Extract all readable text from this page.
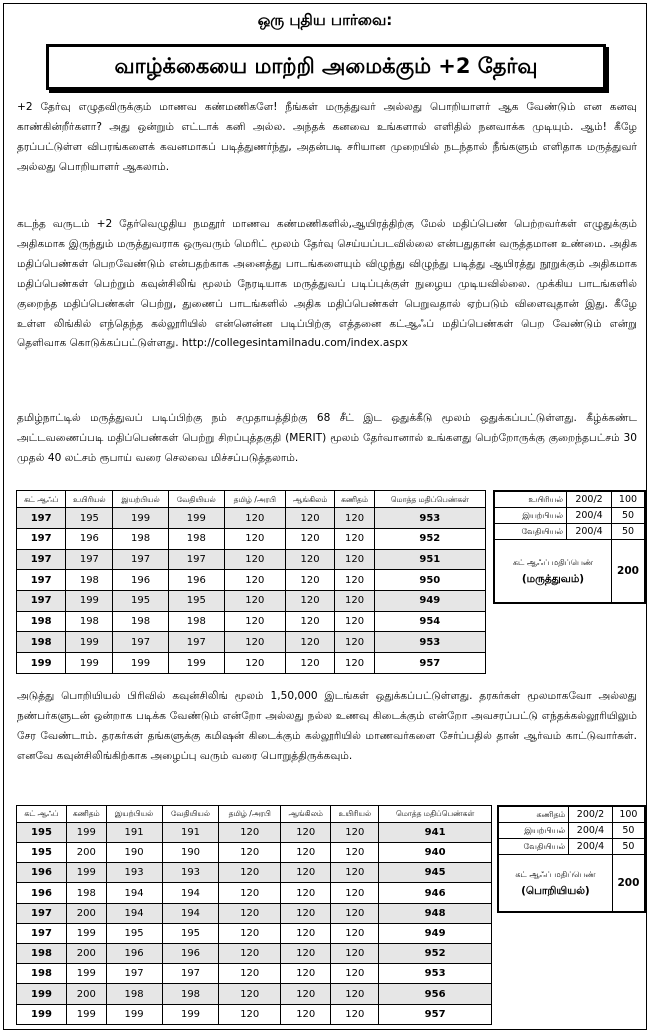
ஒரு புதிய பார்வை:
வாழ்க்கையை மாற்றி அமைக்கும் +2 தேர்வு
+2 தேர்வு எழுதவிருக்கும் மாணவ கண்மணிகளே! நீங்கள் மருத்துவர் அல்லது பொறியாளர் ஆக வேண்டும் என கனவு காண்கின்றீர்களா? அது ஒன்றும் எட்டாக் கனி அல்ல. அந்தக் கனவை உங்களால் எளிதில் நனவாக்க முடியும். ஆம்! கீழே தரப்பட்டுள்ள விபரங்களைக் கவனமாகப் படித்துணர்ந்து, அதன்படி சரியான முறையில் நடந்தால் நீங்களும் எளிதாக மருத்துவர் அல்லது பொறியாளர் ஆகலாம்.
கடந்த வருடம் +2 தேர்வெழுதிய நமதூர் மாணவ கண்மணிகளில்,ஆயிரத்திற்கு மேல் மதிப்பெண் பெற்றவர்கள் எழுதுக்கும் அதிகமாக இருந்தும் மருத்துவராக ஒருவரும் மெரிட் மூலம் தேர்வு செய்யப்படவில்லை என்பதுதான் வருத்தமான உண்மை. அதிக மதிப்பெண்கள் பெறவேண்டும் என்பதற்காக அனைத்து பாடங்களையும் விழுந்து விழுந்து படித்து ஆயிரத்து நூறுக்கும் அதிகமாக மதிப்பெண்கள் பெற்றும் கவுன்சிலிங் மூலம் நேரடியாக மருத்துவப் படிப்புக்குள் நுழைய முடியவில்லை. முக்கிய பாடங்களில் குறைந்த மதிப்பெண்கள் பெற்று, துணைப் பாடங்களில் அதிக மதிப்பெண்கள் பெறுவதால் ஏற்படும் விளைவுதான் இது. கீழே உள்ள லிங்கில் எந்தெந்த கல்லூரியில் என்னென்ன படிப்பிற்கு எத்தனை கட்ஆஃப் மதிப்பெண்கள் பெற வேண்டும் என்று தெளிவாக கொடுக்கப்பட்டுள்ளது. http://collegesintamilnadu.com/index.aspx
தமிழ்நாட்டில் மருத்துவப் படிப்பிற்கு நம் சமுதாயத்திற்கு 68 சீட் இட ஒதுக்கீடு மூலம் ஒதுக்கப்பட்டுள்ளது. கீழ்க்கண்ட அட்டவணைப்படி மதிப்பெண்கள் பெற்று சிறப்புத்தகுதி (MERIT) மூலம் தேர்வானால் உங்களது பெற்றோருக்கு குறைந்தபட்சம் 30 முதல் 40 லட்சம் ரூபாய் வரை செலவை மிச்சப்படுத்தலாம்.
கட் ஆஃப்	உயிரியல்	இயற்பியல்	வேதியியல்	தமிழ் /அரபி	ஆங்கிலம்	கணிதம்	மொத்த மதிப்பெண்கள்
197	195	199	199	120	120	120	953
197	196	198	198	120	120	120	952
197	197	197	197	120	120	120	951
197	198	196	196	120	120	120	950
197	199	195	195	120	120	120	949
198	198	198	198	120	120	120	954
198	199	197	197	120	120	120	953
199	199	199	199	120	120	120	957
உயிரியல்	200/2	100
இயற்பியல்	200/4	50
வேதியியல்	200/4	50
கட் ஆஃப் மதிப்பெண்
(மருத்துவம்)		200
அடுத்து பொறியியல் பிரிவில் கவுன்சிலிங் மூலம் 1,50,000 இடங்கள் ஒதுக்கப்பட்டுள்ளது. தரகர்கள் மூலமாகவோ அல்லது நண்பர்களுடன் ஒன்றாக படிக்க வேண்டும் என்றோ அல்லது நல்ல உணவு கிடைக்கும் என்றோ அவசரப்பட்டு எந்தக்கல்லூரியிலும் சேர வேண்டாம். தரகர்கள் தங்களுக்கு கமிஷன் கிடைக்கும் கல்லூரியில் மாணவர்களை சேர்ப்பதில் தான் ஆர்வம் காட்டுவார்கள். எனவே கவுன்சிலிங்கிற்காக அழைப்பு வரும் வரை பொறுத்திருக்கவும்.
கட் ஆஃப்	கணிதம்	இயற்பியல்	வேதியியல்	தமிழ் /அரபி	ஆங்கிலம்	உயிரியல்	மொத்த மதிப்பெண்கள்
195	199	191	191	120	120	120	941
195	200	190	190	120	120	120	940
196	199	193	193	120	120	120	945
196	198	194	194	120	120	120	946
197	200	194	194	120	120	120	948
197	199	195	195	120	120	120	949
198	200	196	196	120	120	120	952
198	199	197	197	120	120	120	953
199	200	198	198	120	120	120	956
199	199	199	199	120	120	120	957
கணிதம்	200/2	100
இயற்பியல்	200/4	50
வேதியியல்	200/4	50
கட் ஆஃப் மதிப்பெண்
(பொறியியல்)		200
